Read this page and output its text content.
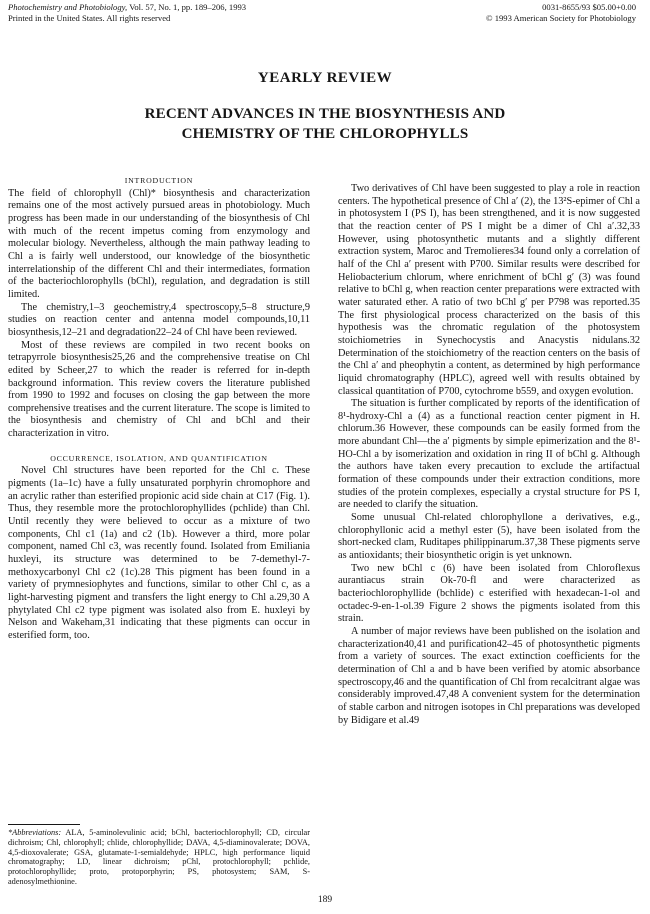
Photochemistry and Photobiology, Vol. 57, No. 1, pp. 189–206, 1993
Printed in the United States. All rights reserved
0031-8655/93 $05.00+0.00
© 1993 American Society for Photobiology
YEARLY REVIEW
RECENT ADVANCES IN THE BIOSYNTHESIS AND
CHEMISTRY OF THE CHLOROPHYLLS

INTRODUCTION

The field of chlorophyll (Chl)* biosynthesis and characterization remains one of the most actively pursued areas in photobiology. Much progress has been made in our understanding of the biosynthesis of Chl with much of the recent impetus coming from enzymology and molecular biology. Nevertheless, although the main pathway leading to Chl a is fairly well understood, our knowledge of the biosynthetic interrelationship of the different Chl and their intermediates, formation of the bacteriochlorophylls (bChl), regulation, and degradation is still limited.

The chemistry,1–3 geochemistry,4 spectroscopy,5–8 structure,9 studies on reaction center and antenna model compounds,10,11 biosynthesis,12–21 and degradation22–24 of Chl have been reviewed.

Most of these reviews are compiled in two recent books on tetrapyrrole biosynthesis25,26 and the comprehensive treatise on Chl edited by Scheer,27 to which the reader is referred for in-depth background information. This review covers the literature published from 1990 to 1992 and focuses on closing the gap between the more comprehensive treatises and the current literature. The scope is limited to the biosynthesis and chemistry of Chl and bChl and their characterization in vitro.

OCCURRENCE, ISOLATION, AND QUANTIFICATION

Novel Chl structures have been reported for the Chl c. These pigments (1a–1c) have a fully unsaturated porphyrin chromophore and an acrylic rather than esterified propionic acid side chain at C17 (Fig. 1). Thus, they resemble more the protochlorophyllides (pchlide) than Chl. Until recently they were believed to occur as a mixture of two components, Chl c1 (1a) and c2 (1b). However a third, more polar component, named Chl c3, was recently found. Isolated from Emiliania huxleyi, its structure was determined to be 7-demethyl-7-methoxycarbonyl Chl c2 (1c).28 This pigment has been found in a variety of prymnesiophytes and functions, similar to other Chl c, as a light-harvesting pigment and transfers the light energy to Chl a.29,30 A phytylated Chl c2 type pigment was isolated also from E. huxleyi by Nelson and Wakeham,31 indicating that these pigments can occur in esterified form, too.

*Abbreviations: ALA, 5-aminolevulinic acid; bChl, bacteriochlorophyll; CD, circular dichroism; Chl, chlorophyll; chlide, chlorophyllide; DAVA, 4,5-diaminovalerate; DOVA, 4,5-dioxovalerate; GSA, glutamate-1-semialdehyde; HPLC, high performance liquid chromatography; LD, linear dichroism; pChl, protochlorophyll; pchlide, protochlorophyllide; proto, protoporphyrin; PS, photosystem; SAM, S-adenosylmethionine.

Two derivatives of Chl have been suggested to play a role in reaction centers. The hypothetical presence of Chl a′ (2), the 13²S-epimer of Chl a in photosystem I (PS I), has been strengthened, and it is now suggested that the reaction center of PS I might be a dimer of Chl a′.32,33 However, using photosynthetic mutants and a slightly different extraction system, Maroc and Tremolieres34 found only a correlation of half of the Chl a′ present with P700. Similar results were described for Heliobacterium chlorum, where enrichment of bChl g′ (3) was found relative to bChl g, when reaction center preparations were extracted with water saturated ether. A ratio of two bChl g′ per P798 was reported.35 The first physiological process characterized on the basis of this hypothesis was the chromatic regulation of the photosystem stoichiometries in Synechocystis and Anacystis nidulans.32 Determination of the stoichiometry of the reaction centers on the basis of the Chl a′ and pheophytin a content, as determined by high performance liquid chromatography (HPLC), agreed well with results obtained by classical quantitation of P700, cytochrome b559, and oxygen evolution.

The situation is further complicated by reports of the identification of 8¹-hydroxy-Chl a (4) as a functional reaction center pigment in H. chlorum.36 However, these compounds can be easily formed from the more abundant Chl—the a′ pigments by simple epimerization and the 8¹-HO-Chl a by isomerization and oxidation in ring II of bChl g. Although the authors have taken every precaution to exclude the artifactual formation of these compounds under their extraction conditions, more studies of the protein complexes, especially a crystal structure for PS I, are needed to clarify the situation.

Some unusual Chl-related chlorophyllone a derivatives, e.g., chlorophyllonic acid a methyl ester (5), have been isolated from the short-necked clam, Ruditapes philippinarum.37,38 These pigments serve as antioxidants; their biosynthetic origin is yet unknown.

Two new bChl c (6) have been isolated from Chloroflexus aurantiacus strain Ok-70-fl and were characterized as bacteriochlorophyllide (bchlide) c esterified with hexadecan-1-ol and octadec-9-en-1-ol.39 Figure 2 shows the pigments isolated from this strain.

A number of major reviews have been published on the isolation and characterization40,41 and purification42–45 of photosynthetic pigments from a variety of sources. The exact extinction coefficients for the determination of Chl a and b have been verified by atomic absorbance spectroscopy,46 and the quantification of Chl from recalcitrant algae was considerably improved.47,48 A convenient system for the determination of stable carbon and nitrogen isotopes in Chl preparations was developed by Bidigare et al.49

189
